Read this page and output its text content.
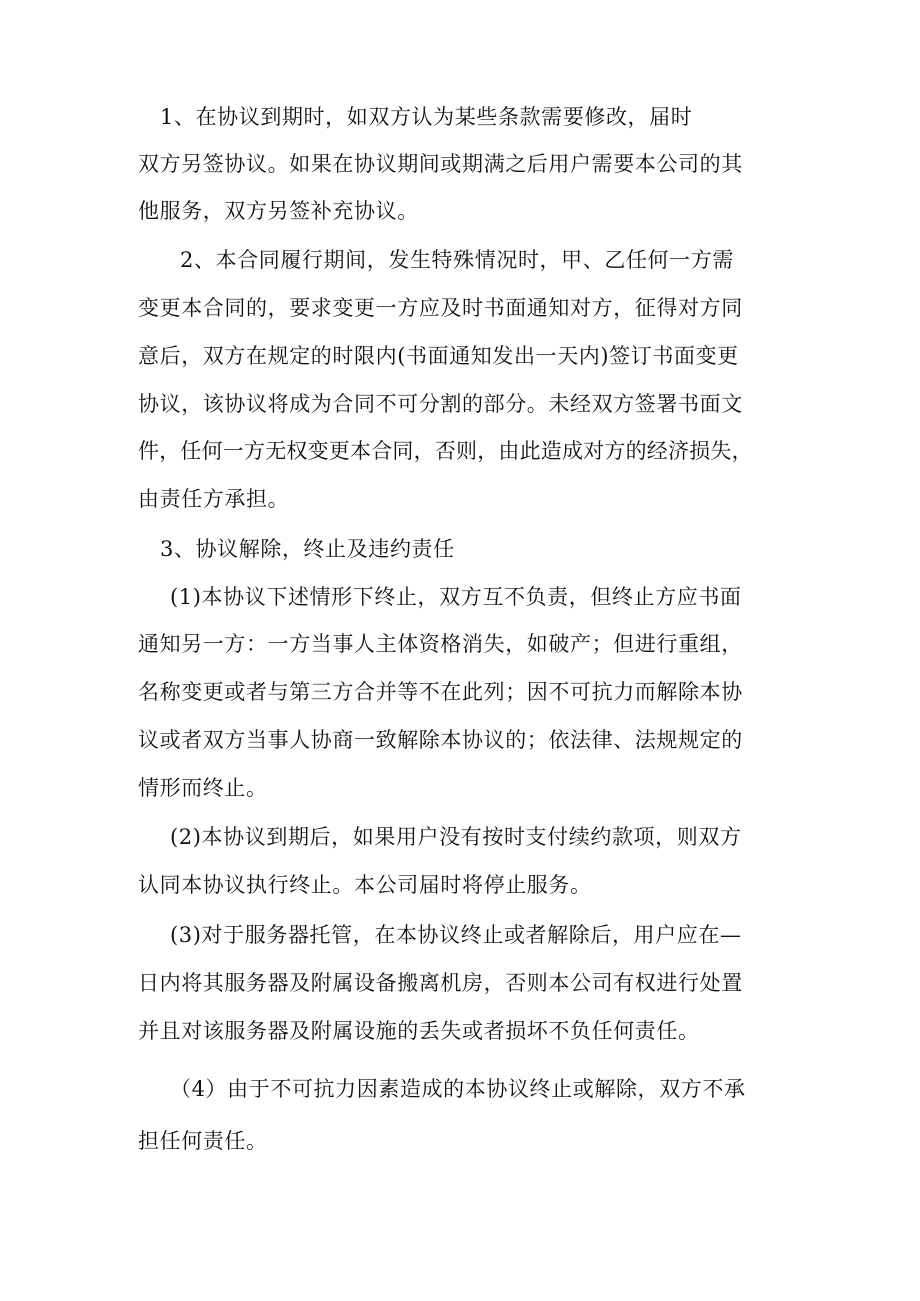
1、在协议到期时，如双方认为某些条款需要修改，届时
双方另签协议。如果在协议期间或期满之后用户需要本公司的其
他服务，双方另签补充协议。
2、本合同履行期间，发生特殊情况时，甲、乙任何一方需
变更本合同的，要求变更一方应及时书面通知对方，征得对方同
意后，双方在规定的时限内(书面通知发出一天内)签订书面变更
协议，该协议将成为合同不可分割的部分。未经双方签署书面文
件，任何一方无权变更本合同，否则，由此造成对方的经济损失，
由责任方承担。
3、协议解除，终止及违约责任
(1)本协议下述情形下终止，双方互不负责，但终止方应书面
通知另一方：一方当事人主体资格消失，如破产；但进行重组，
名称变更或者与第三方合并等不在此列；因不可抗力而解除本协
议或者双方当事人协商一致解除本协议的；依法律、法规规定的
情形而终止。
(2)本协议到期后，如果用户没有按时支付续约款项，则双方
认同本协议执行终止。本公司届时将停止服务。
(3)对于服务器托管，在本协议终止或者解除后，用户应在—
日内将其服务器及附属设备搬离机房，否则本公司有权进行处置
并且对该服务器及附属设施的丢失或者损坏不负任何责任。
（4）由于不可抗力因素造成的本协议终止或解除，双方不承
担任何责任。
